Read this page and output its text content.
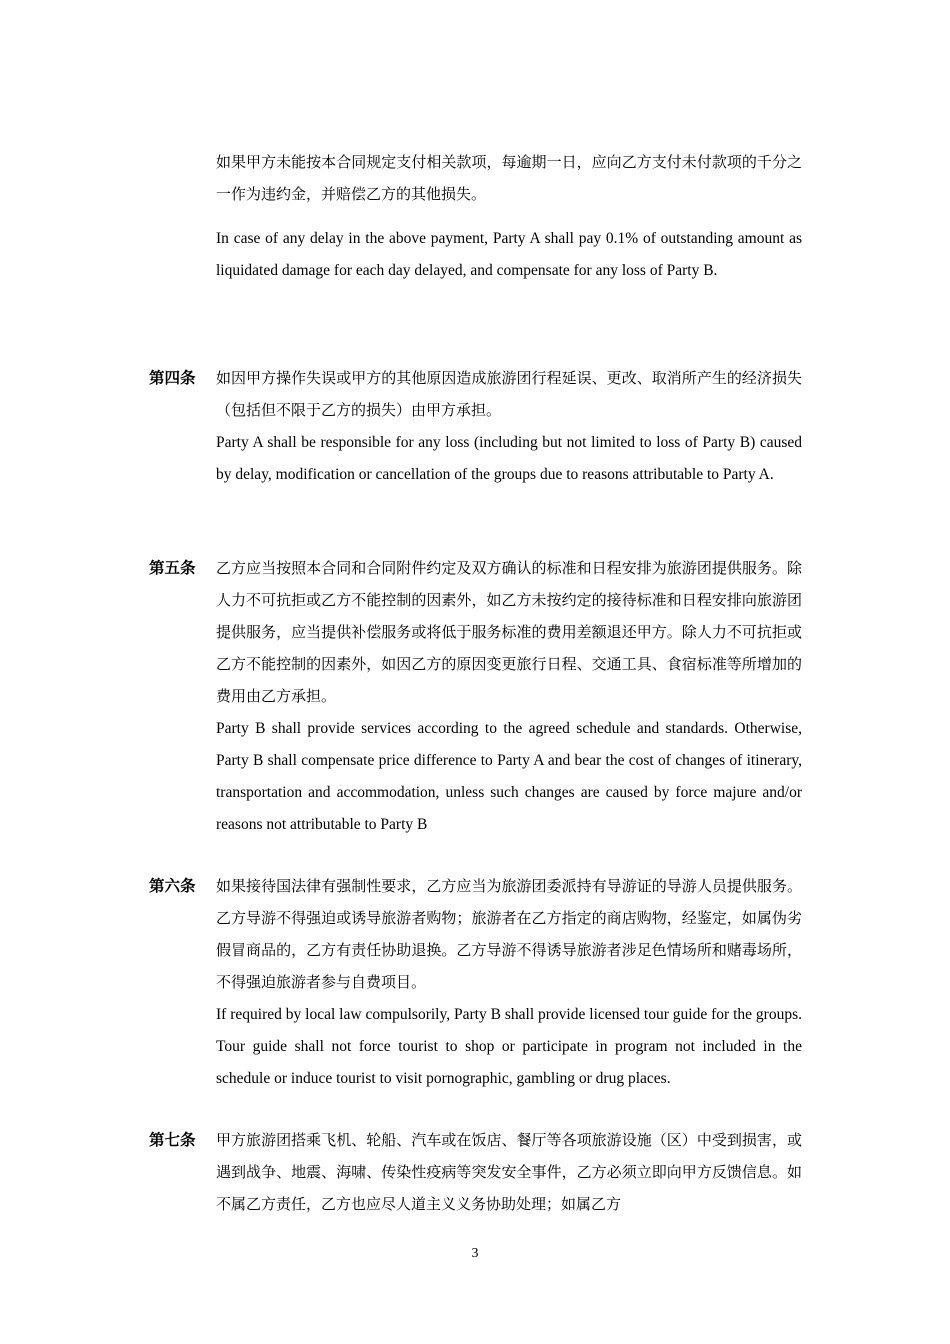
如果甲方未能按本合同规定支付相关款项，每逾期一日，应向乙方支付未付款项的千分之一作为违约金，并赔偿乙方的其他损失。

In case of any delay in the above payment, Party A shall pay 0.1% of outstanding amount as liquidated damage for each day delayed, and compensate for any loss of Party B.

第四条 如因甲方操作失误或甲方的其他原因造成旅游团行程延误、更改、取消所产生的经济损失（包括但不限于乙方的损失）由甲方承担。

Party A shall be responsible for any loss (including but not limited to loss of Party B) caused by delay, modification or cancellation of the groups due to reasons attributable to Party A.

第五条 乙方应当按照本合同和合同附件约定及双方确认的标准和日程安排为旅游团提供服务。除人力不可抗拒或乙方不能控制的因素外，如乙方未按约定的接待标准和日程安排向旅游团提供服务，应当提供补偿服务或将低于服务标准的费用差额退还甲方。除人力不可抗拒或乙方不能控制的因素外，如因乙方的原因变更旅行日程、交通工具、食宿标准等所增加的费用由乙方承担。

Party B shall provide services according to the agreed schedule and standards. Otherwise, Party B shall compensate price difference to Party A and bear the cost of changes of itinerary, transportation and accommodation, unless such changes are caused by force majure and/or reasons not attributable to Party B

第六条 如果接待国法律有强制性要求，乙方应当为旅游团委派持有导游证的导游人员提供服务。乙方导游不得强迫或诱导旅游者购物；旅游者在乙方指定的商店购物，经鉴定，如属伪劣假冒商品的，乙方有责任协助退换。乙方导游不得诱导旅游者涉足色情场所和赌毒场所，不得强迫旅游者参与自费项目。

If required by local law compulsorily, Party B shall provide licensed tour guide for the groups. Tour guide shall not force tourist to shop or participate in program not included in the schedule or induce tourist to visit pornographic, gambling or drug places.

第七条 甲方旅游团搭乘飞机、轮船、汽车或在饭店、餐厅等各项旅游设施（区）中受到损害，或遇到战争、地震、海啸、传染性疫病等突发安全事件，乙方必须立即向甲方反馈信息。如不属乙方责任，乙方也应尽人道主义义务协助处理；如属乙方

3
